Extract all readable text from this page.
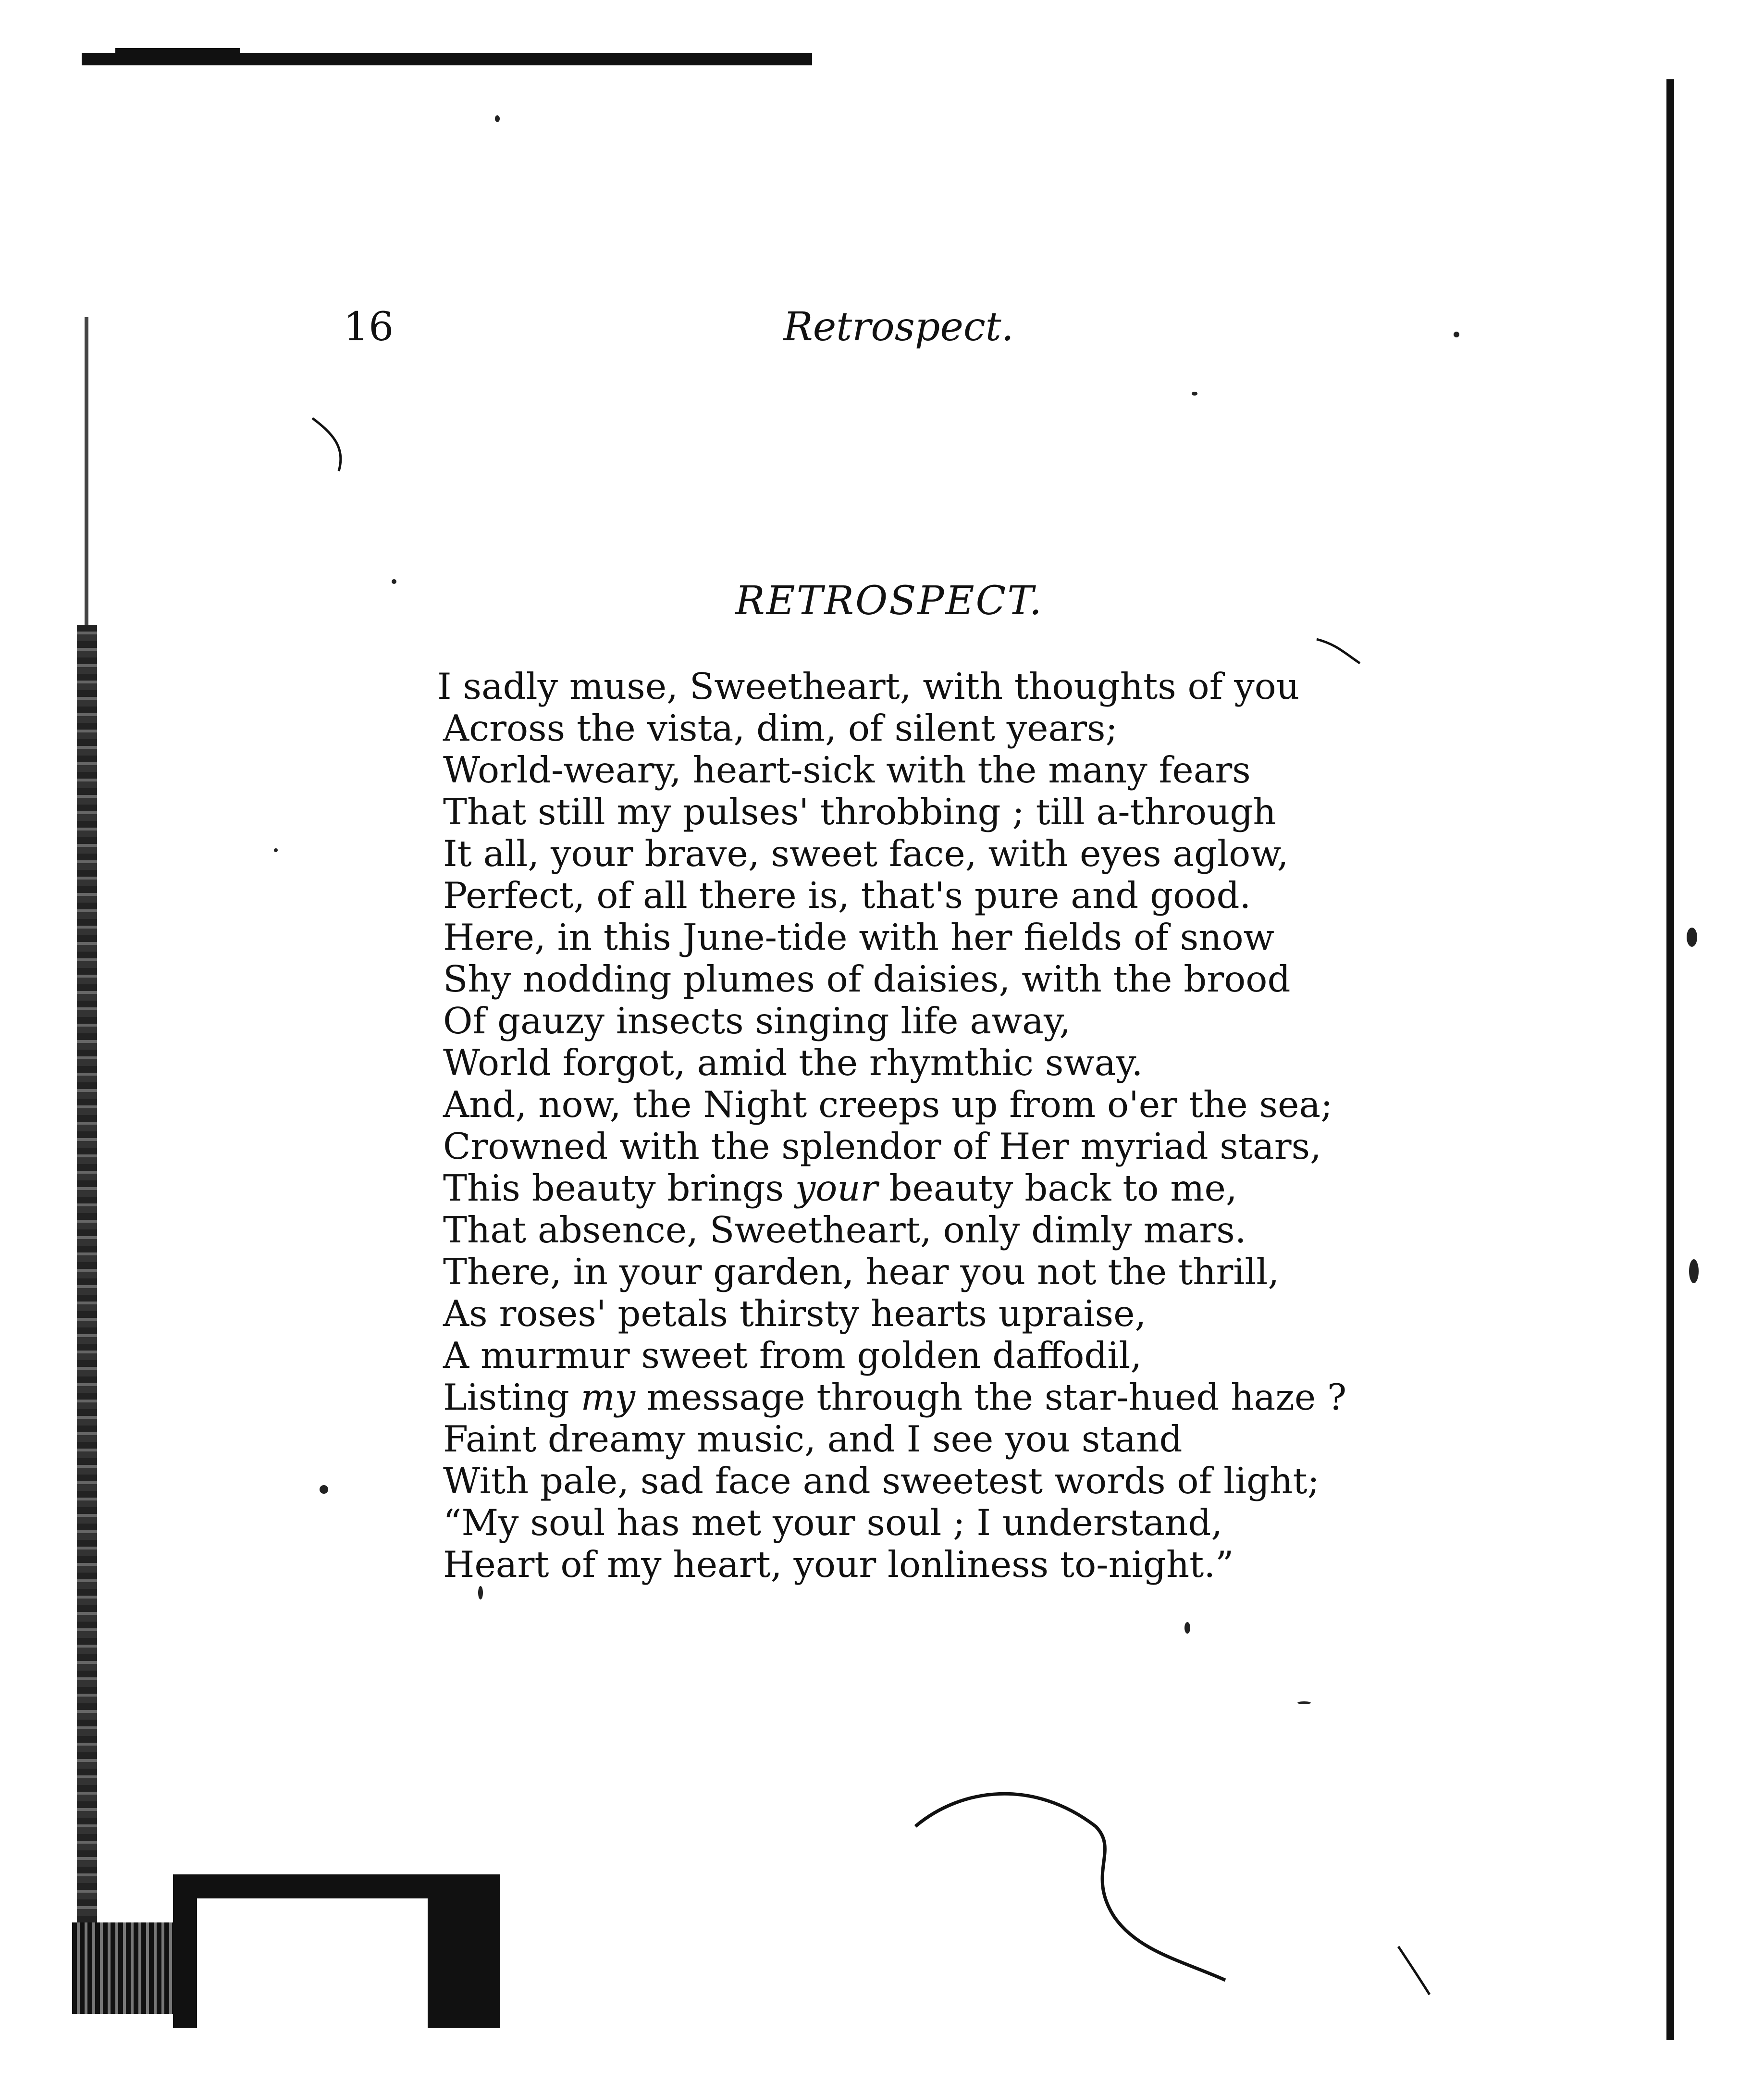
16	Retrospect.
RETROSPECT.
I sadly muse, Sweetheart, with thoughts of you
Across the vista, dim, of silent years;
World-weary, heart-sick with the many fears
That still my pulses' throbbing ; till a-through
It all, your brave, sweet face, with eyes aglow,
Perfect, of all there is, that's pure and good.
Here, in this June-tide with her fields of snow
Shy nodding plumes of daisies, with the brood
Of gauzy insects singing life away,
World forgot, amid the rhymthic sway.
And, now, the Night creeps up from o'er the sea;
Crowned with the splendor of Her myriad stars,
This beauty brings your beauty back to me,
That absence, Sweetheart, only dimly mars.
There, in your garden, hear you not the thrill,
As roses' petals thirsty hearts upraise,
A murmur sweet from golden daffodil,
Listing my message through the star-hued haze ?
Faint dreamy music, and I see you stand
With pale, sad face and sweetest words of light;
“My soul has met your soul ; I understand,
Heart of my heart, your lonliness to-night.”
